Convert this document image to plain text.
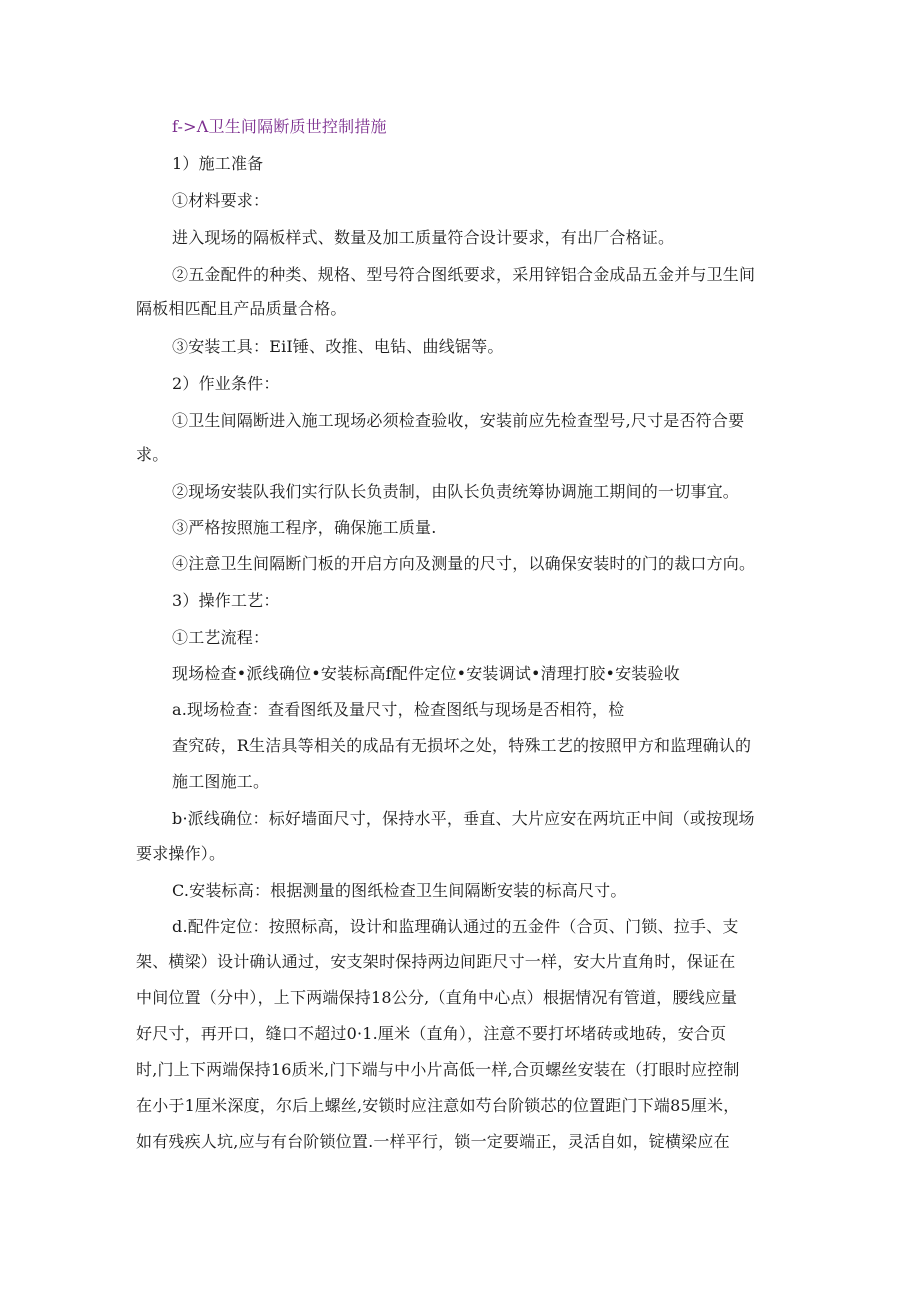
f->Λ卫生间隔断质世控制措施
1）施工准备
①材料要求：
进入现场的隔板样式、数量及加工质量符合设计要求，有出厂合格证。
②五金配件的种类、规格、型号符合图纸要求，采用锌铝合金成品五金并与卫生间
隔板相匹配且产品质量合格。
③安装工具：EiI锤、改推、电钻、曲线锯等。
2）作业条件：
①卫生间隔断进入施工现场必须检查验收，安装前应先检查型号,尺寸是否符合要
求。
②现场安装队我们实行队长负责制，由队长负责统筹协调施工期间的一切事宜。
③严格按照施工程序，确保施工质量.
④注意卫生间隔断门板的开启方向及测量的尺寸，以确保安装时的门的裁口方向。
3）操作工艺：
①工艺流程：
现场检查•派线确位•安装标高f配件定位•安装调试•清理打胶•安装验收
a.现场检查：查看图纸及量尺寸，检查图纸与现场是否相符，检
查究砖，R生洁具等相关的成品有无损坏之处，特殊工艺的按照甲方和监理确认的
施工图施工。
b·派线确位：标好墙面尺寸，保持水平，垂直、大片应安在两坑正中间（或按现场
要求操作）。
C.安装标高：根据测量的图纸检查卫生间隔断安装的标高尺寸。
d.配件定位：按照标高，设计和监理确认通过的五金件（合页、门锁、拉手、支
架、横梁）设计确认通过，安支架时保持两边间距尺寸一样，安大片直角时，保证在
中间位置（分中），上下两端保持18公分,（直角中心点）根据情况有管道，腰线应量
好尺寸，再开口，缝口不超过0·1.厘米（直角），注意不要打坏堵砖或地砖，安合页
时,门上下两端保持16质米,门下端与中小片高低一样,合页螺丝安装在（打眼时应控制
在小于1厘米深度，尔后上螺丝,安锁时应注意如芍台阶锁芯的位置距门下端85厘米，
如有残疾人坑,应与有台阶锁位置.一样平行，锁一定要端正，灵活自如，锭横梁应在
